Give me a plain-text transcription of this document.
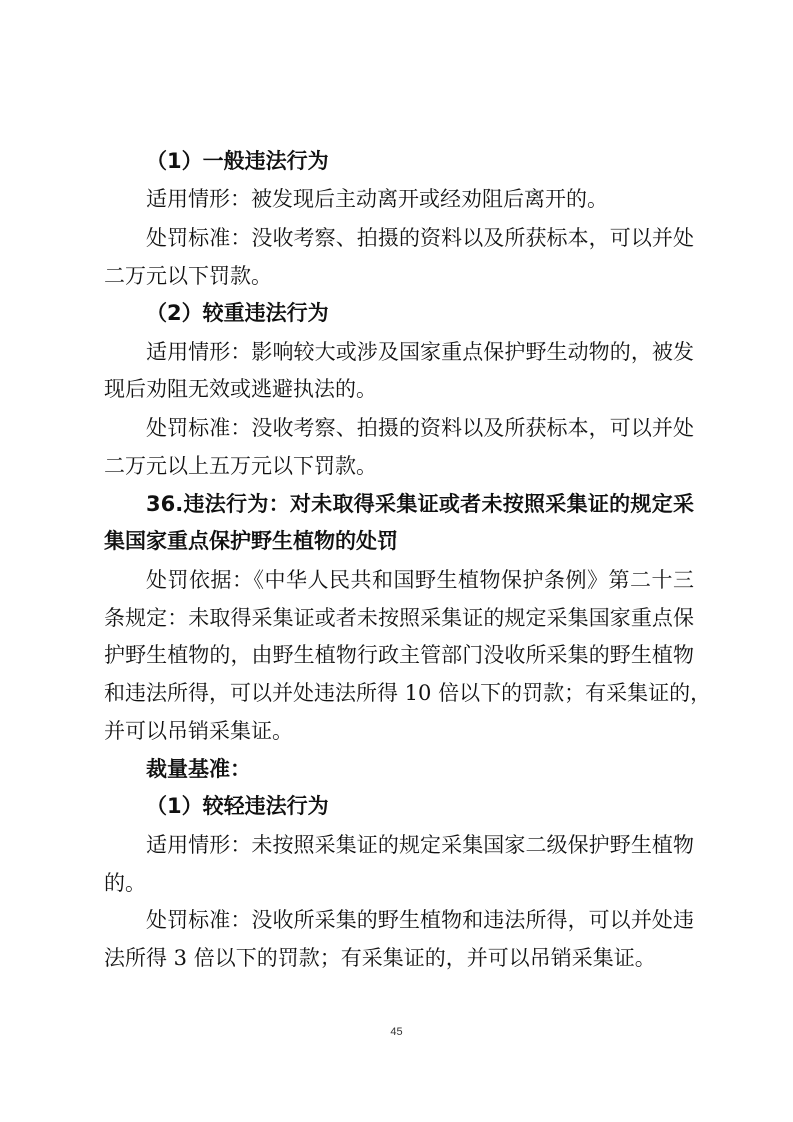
（1）一般违法行为
适用情形：被发现后主动离开或经劝阻后离开的。
处罚标准：没收考察、拍摄的资料以及所获标本，可以并处
二万元以下罚款。
（2）较重违法行为
适用情形：影响较大或涉及国家重点保护野生动物的，被发
现后劝阻无效或逃避执法的。
处罚标准：没收考察、拍摄的资料以及所获标本，可以并处
二万元以上五万元以下罚款。
36.违法行为：对未取得采集证或者未按照采集证的规定采
集国家重点保护野生植物的处罚
处罚依据：《中华人民共和国野生植物保护条例》第二十三
条规定：未取得采集证或者未按照采集证的规定采集国家重点保
护野生植物的，由野生植物行政主管部门没收所采集的野生植物
和违法所得，可以并处违法所得 10 倍以下的罚款；有采集证的，
并可以吊销采集证。
裁量基准：
（1）较轻违法行为
适用情形：未按照采集证的规定采集国家二级保护野生植物
的。
处罚标准：没收所采集的野生植物和违法所得，可以并处违
法所得 3 倍以下的罚款；有采集证的，并可以吊销采集证。
45
